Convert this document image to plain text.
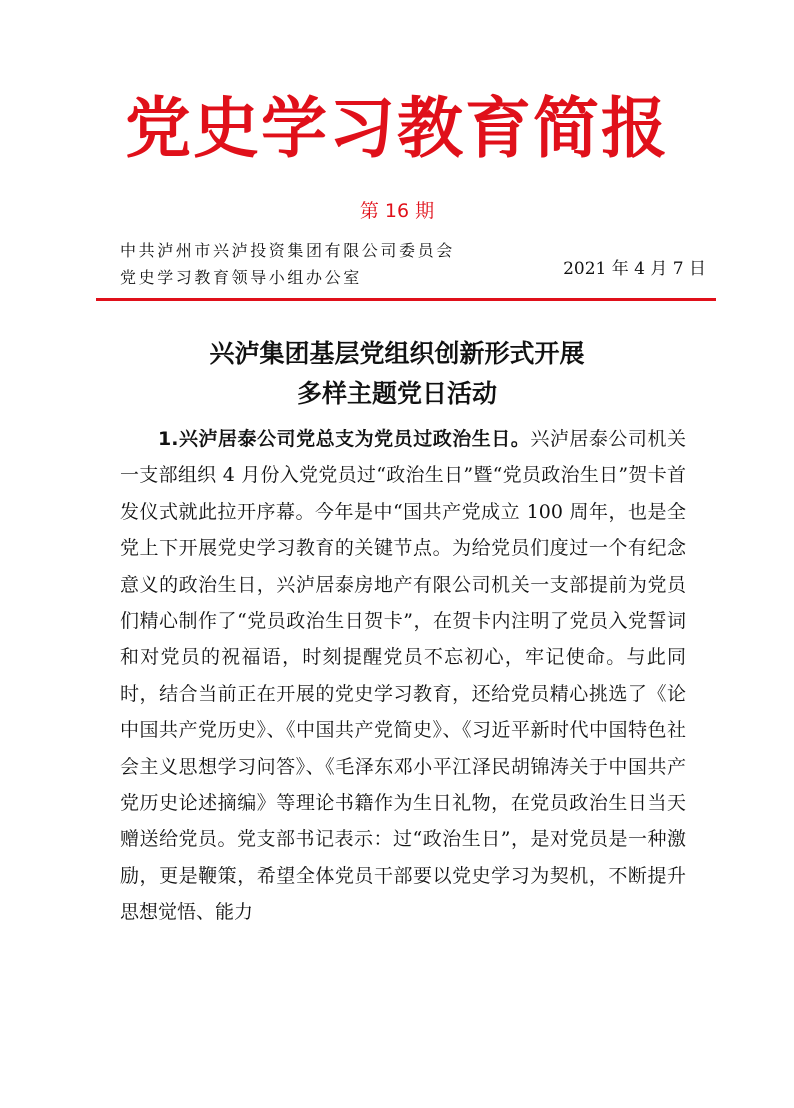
党史学习教育简报
第 16 期
中共泸州市兴泸投资集团有限公司委员会
党史学习教育领导小组办公室	2021 年 4 月 7 日
兴泸集团基层党组织创新形式开展
多样主题党日活动

1.兴泸居泰公司党总支为党员过政治生日。兴泸居泰公司机关一支部组织 4 月份入党党员过“政治生日”暨“党员政治生日”贺卡首发仪式就此拉开序幕。今年是中“国共产党成立 100 周年，也是全党上下开展党史学习教育的关键节点。为给党员们度过一个有纪念意义的政治生日，兴泸居泰房地产有限公司机关一支部提前为党员们精心制作了“党员政治生日贺卡”，在贺卡内注明了党员入党誓词和对党员的祝福语，时刻提醒党员不忘初心，牢记使命。与此同时，结合当前正在开展的党史学习教育，还给党员精心挑选了《论中国共产党历史》、《中国共产党简史》、《习近平新时代中国特色社会主义思想学习问答》、《毛泽东邓小平江泽民胡锦涛关于中国共产党历史论述摘编》等理论书籍作为生日礼物，在党员政治生日当天赠送给党员。党支部书记表示：过“政治生日”，是对党员是一种激励，更是鞭策，希望全体党员干部要以党史学习为契机，不断提升思想觉悟、能力
